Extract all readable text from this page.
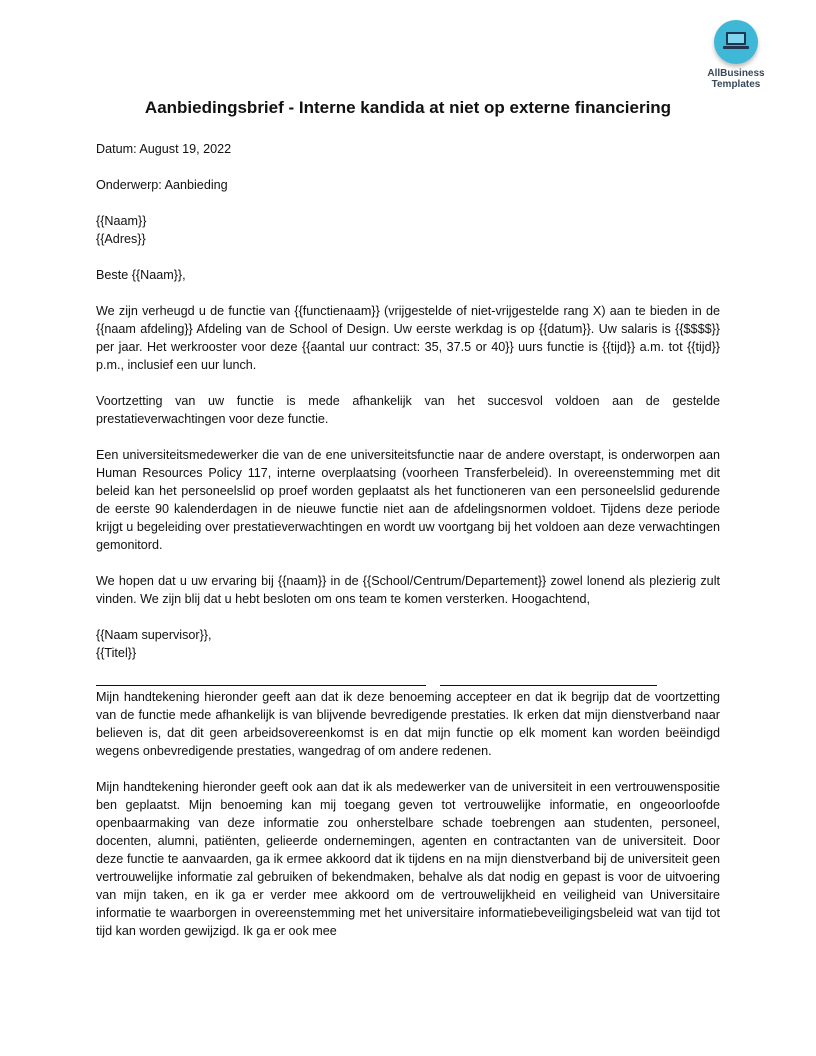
AllBusiness
Templates
Aanbiedingsbrief - Interne kandida at niet op externe financiering

Datum: August 19, 2022

Onderwerp: Aanbieding

{{Naam}}

{{Adres}}

Beste {{Naam}},

We zijn verheugd u de functie van {{functienaam}} (vrijgestelde of niet-vrijgestelde rang X) aan te bieden in de {{naam afdeling}} Afdeling van de School of Design. Uw eerste werkdag is op {{datum}}. Uw salaris is {{$$$$}} per jaar. Het werkrooster voor deze {{aantal uur contract: 35, 37.5 or 40}} uurs functie is {{tijd}} a.m. tot {{tijd}} p.m., inclusief een uur lunch.

Voortzetting van uw functie is mede afhankelijk van het succesvol voldoen aan de gestelde prestatieverwachtingen voor deze functie.

Een universiteitsmedewerker die van de ene universiteitsfunctie naar de andere overstapt, is onderworpen aan Human Resources Policy 117, interne overplaatsing (voorheen Transferbeleid). In overeenstemming met dit beleid kan het personeelslid op proef worden geplaatst als het functioneren van een personeelslid gedurende de eerste 90 kalenderdagen in de nieuwe functie niet aan de afdelingsnormen voldoet. Tijdens deze periode krijgt u begeleiding over prestatieverwachtingen en wordt uw voortgang bij het voldoen aan deze verwachtingen gemonitord.

We hopen dat u uw ervaring bij {{naam}} in de {{School/Centrum/Departement}} zowel lonend als plezierig zult vinden. We zijn blij dat u hebt besloten om ons team te komen versterken. Hoogachtend,

{{Naam supervisor}},

{{Titel}}

Mijn handtekening hieronder geeft aan dat ik deze benoeming accepteer en dat ik begrijp dat de voortzetting van de functie mede afhankelijk is van blijvende bevredigende prestaties. Ik erken dat mijn dienstverband naar believen is, dat dit geen arbeidsovereenkomst is en dat mijn functie op elk moment kan worden beëindigd wegens onbevredigende prestaties, wangedrag of om andere redenen.

Mijn handtekening hieronder geeft ook aan dat ik als medewerker van de universiteit in een vertrouwenspositie ben geplaatst. Mijn benoeming kan mij toegang geven tot vertrouwelijke informatie, en ongeoorloofde openbaarmaking van deze informatie zou onherstelbare schade toebrengen aan studenten, personeel, docenten, alumni, patiënten, gelieerde ondernemingen, agenten en contractanten van de universiteit. Door deze functie te aanvaarden, ga ik ermee akkoord dat ik tijdens en na mijn dienstverband bij de universiteit geen vertrouwelijke informatie zal gebruiken of bekendmaken, behalve als dat nodig en gepast is voor de uitvoering van mijn taken, en ik ga er verder mee akkoord om de vertrouwelijkheid en veiligheid van Universitaire informatie te waarborgen in overeenstemming met het universitaire informatiebeveiligingsbeleid wat van tijd tot tijd kan worden gewijzigd. Ik ga er ook mee
